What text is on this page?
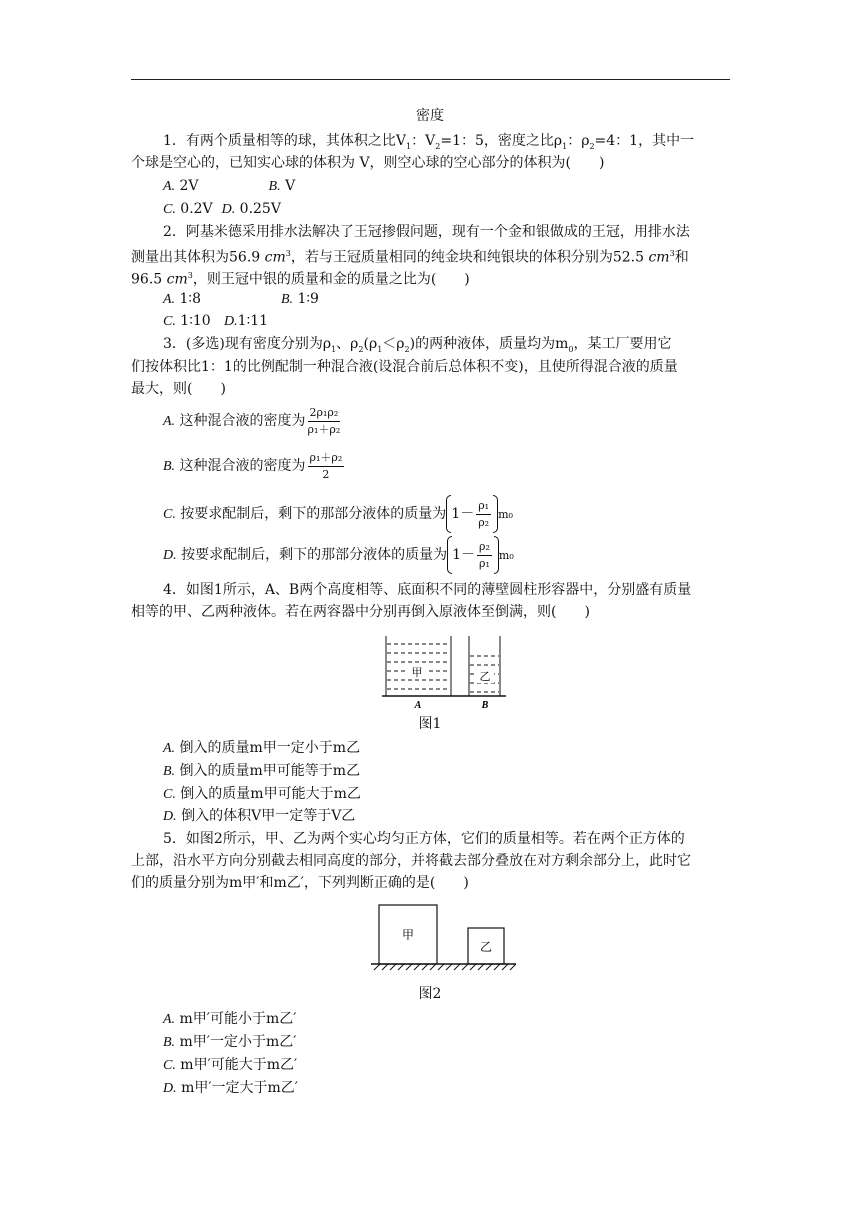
密度
1．有两个质量相等的球，其体积之比$V_1$：$V_2=1$：5，密度之比$\rho_1$：$\rho_2=4$：1，其中一
个球是空心的，已知实心球的体积为 V，则空心球的空心部分的体积为(　　)
A. 2V	B. V
C. 0.2V D. 0.25V
2．阿基米德采用排水法解决了王冠掺假问题，现有一个金和银做成的王冠，用排水法
测量出其体积为56.9 $cm^3$，若与王冠质量相同的纯金块和纯银块的体积分别为52.5 $cm^3$和
96.5 $cm^3$，则王冠中银的质量和金的质量之比为(　　)
A. 1∶8	B. 1∶9
C. 1∶10 D.1∶11
3．(多选)现有密度分别为$\rho_1$、$\rho_2(\rho_1<\rho_2)$的两种液体，质量均为$m_0$，某工厂要用它
们按体积比1：1的比例配制一种混合液(设混合前后总体积不变)，且使所得混合液的质量
最大，则(　　)
A. 这种混合液的密度为 $\frac{\text{2ρ₁ρ₂}}{\text{ρ₁＋ρ₂}}$
B. 这种混合液的密度为 $\frac{\text{ρ₁＋ρ₂}}{2}$
C. 按要求配制后，剩下的那部分液体的质量为 $1- \frac{\text{ρ₁}}{\text{ρ₂}} m_0$
D. 按要求配制后，剩下的那部分液体的质量为 $1- \frac{\text{ρ₂}}{\text{ρ₁}} m_0$
4．如图1所示，A、B两个高度相等、底面积不同的薄壁圆柱形容器中，分别盛有质量
相等的甲、乙两种液体。若在两容器中分别再倒入原液体至倒满，则(　　)
甲	乙
A	B
图1
A. 倒入的质量m甲一定小于m乙
B. 倒入的质量m甲可能等于m乙
C. 倒入的质量m甲可能大于m乙
D. 倒入的体积V甲一定等于V乙
5．如图2所示，甲、乙为两个实心均匀正方体，它们的质量相等。若在两个正方体的
上部，沿水平方向分别截去相同高度的部分，并将截去部分叠放在对方剩余部分上，此时它
们的质量分别为m甲′和m乙′，下列判断正确的是(　　)
甲
乙
图2
A. m甲′可能小于m乙′
B. m甲′一定小于m乙′
C. m甲′可能大于m乙′
D. m甲′一定大于m乙′
